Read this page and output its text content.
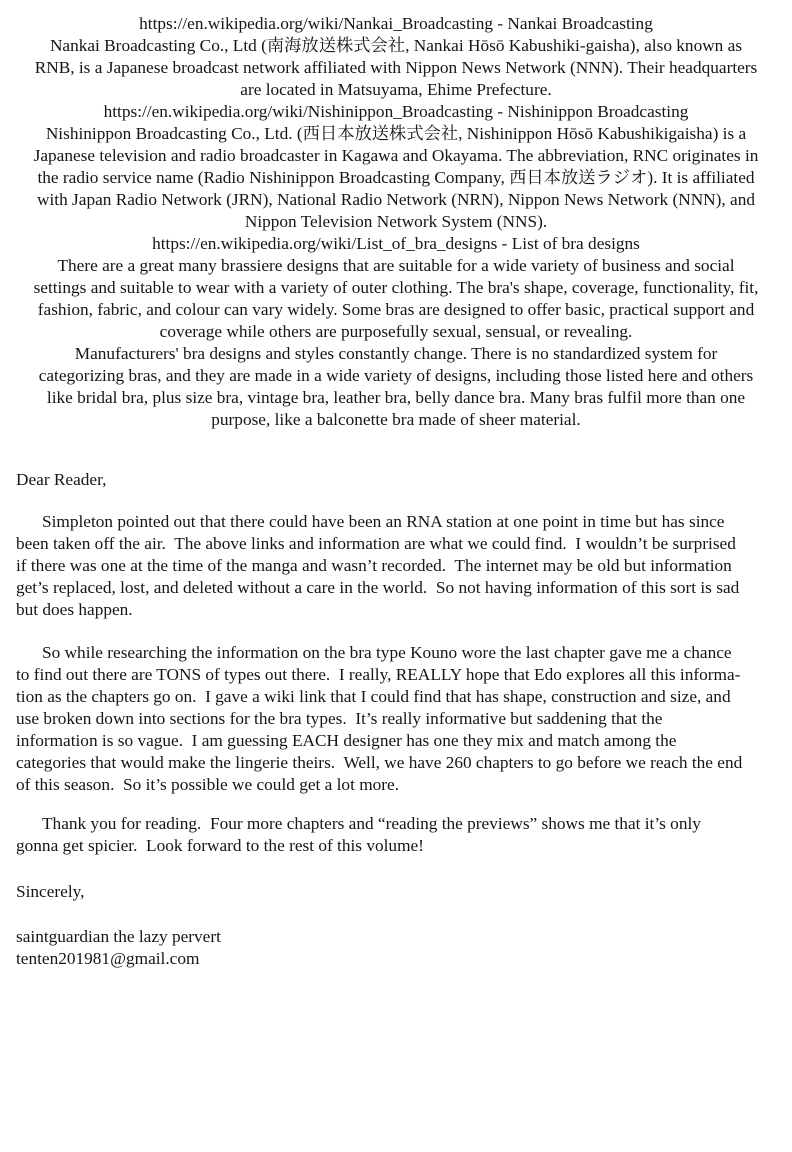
https://en.wikipedia.org/wiki/Nankai_Broadcasting - Nankai Broadcasting
Nankai Broadcasting Co., Ltd (南海放送株式会社, Nankai Hōsō Kabushiki-gaisha), also known as
RNB, is a Japanese broadcast network affiliated with Nippon News Network (NNN). Their headquarters
are located in Matsuyama, Ehime Prefecture.
https://en.wikipedia.org/wiki/Nishinippon_Broadcasting - Nishinippon Broadcasting
Nishinippon Broadcasting Co., Ltd. (西日本放送株式会社, Nishinippon Hōsō Kabushikigaisha) is a
Japanese television and radio broadcaster in Kagawa and Okayama. The abbreviation, RNC originates in
the radio service name (Radio Nishinippon Broadcasting Company, 西日本放送ラジオ). It is affiliated
with Japan Radio Network (JRN), National Radio Network (NRN), Nippon News Network (NNN), and
Nippon Television Network System (NNS).
https://en.wikipedia.org/wiki/List_of_bra_designs - List of bra designs
There are a great many brassiere designs that are suitable for a wide variety of business and social
settings and suitable to wear with a variety of outer clothing. The bra's shape, coverage, functionality, fit,
fashion, fabric, and colour can vary widely. Some bras are designed to offer basic, practical support and
coverage while others are purposefully sexual, sensual, or revealing.
Manufacturers' bra designs and styles constantly change. There is no standardized system for
categorizing bras, and they are made in a wide variety of designs, including those listed here and others
like bridal bra, plus size bra, vintage bra, leather bra, belly dance bra. Many bras fulfil more than one
purpose, like a balconette bra made of sheer material.
Dear Reader,
Simpleton pointed out that there could have been an RNA station at one point in time but has since
been taken off the air.  The above links and information are what we could find.  I wouldn’t be surprised
if there was one at the time of the manga and wasn’t recorded.  The internet may be old but information
get’s replaced, lost, and deleted without a care in the world.  So not having information of this sort is sad
but does happen.
So while researching the information on the bra type Kouno wore the last chapter gave me a chance
to find out there are TONS of types out there.  I really, REALLY hope that Edo explores all this informa-
tion as the chapters go on.  I gave a wiki link that I could find that has shape, construction and size, and
use broken down into sections for the bra types.  It’s really informative but saddening that the
information is so vague.  I am guessing EACH designer has one they mix and match among the
categories that would make the lingerie theirs.  Well, we have 260 chapters to go before we reach the end
of this season.  So it’s possible we could get a lot more.
Thank you for reading.  Four more chapters and “reading the previews” shows me that it’s only
gonna get spicier.  Look forward to the rest of this volume!
Sincerely,
saintguardian the lazy pervert
tenten201981@gmail.com
